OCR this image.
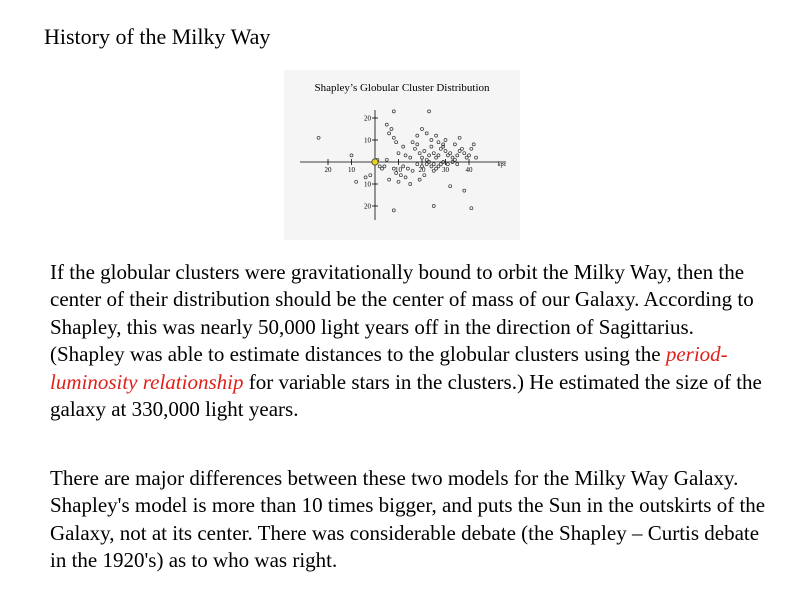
History of the Milky Way
Shapley’s Globular Cluster Distribution
20 10	10 20 30 40
20
10
10
20
kpc

If the globular clusters were gravitationally bound to orbit the Milky Way, then the center of their distribution should be the center of mass of our Galaxy. According to Shapley, this was nearly 50,000 light years off in the direction of Sagittarius. (Shapley was able to estimate distances to the globular clusters using the period-luminosity relationship for variable stars in the clusters.) He estimated the size of the galaxy at 330,000 light years.

There are major differences between these two models for the Milky Way Galaxy. Shapley's model is more than 10 times bigger, and puts the Sun in the outskirts of the Galaxy, not at its center. There was considerable debate (the Shapley – Curtis debate in the 1920's) as to who was right.
